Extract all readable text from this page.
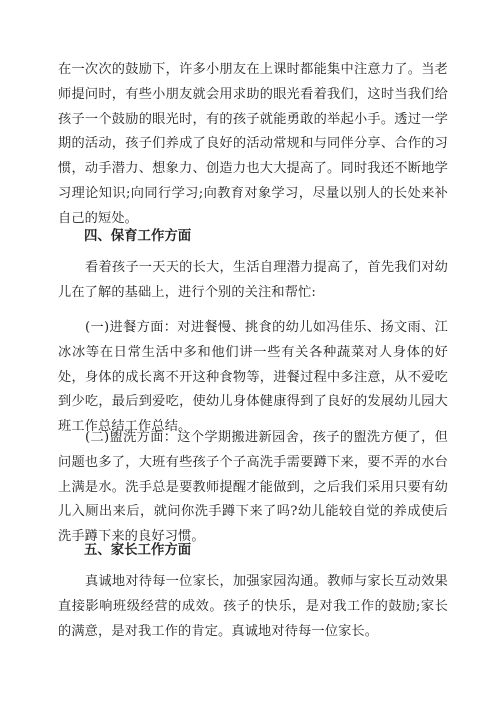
在一次次的鼓励下，许多小朋友在上课时都能集中注意力了。当老师提问时，有些小朋友就会用求助的眼光看着我们，这时当我们给孩子一个鼓励的眼光时，有的孩子就能勇敢的举起小手。透过一学期的活动，孩子们养成了良好的活动常规和与同伴分享、合作的习惯，动手潜力、想象力、创造力也大大提高了。同时我还不断地学习理论知识;向同行学习;向教育对象学习，尽量以别人的长处来补自己的短处。

四、保育工作方面

看着孩子一天天的长大，生活自理潜力提高了，首先我们对幼儿在了解的基础上，进行个别的关注和帮忙:

(一)进餐方面：对进餐慢、挑食的幼儿如冯佳乐、扬文雨、江冰冰等在日常生活中多和他们讲一些有关各种蔬菜对人身体的好处，身体的成长离不开这种食物等，进餐过程中多注意，从不爱吃到少吃，最后到爱吃，使幼儿身体健康得到了良好的发展幼儿园大班工作总结工作总结。

(二)盥洗方面：这个学期搬进新园舍，孩子的盥洗方便了，但问题也多了，大班有些孩子个子高洗手需要蹲下来，要不弄的水台上满是水。洗手总是要教师提醒才能做到，之后我们采用只要有幼儿入厕出来后，就问你洗手蹲下来了吗?幼儿能较自觉的养成使后洗手蹲下来的良好习惯。

五、家长工作方面

真诚地对待每一位家长，加强家园沟通。教师与家长互动效果直接影响班级经营的成效。孩子的快乐，是对我工作的鼓励;家长的满意，是对我工作的肯定。真诚地对待每一位家长。
